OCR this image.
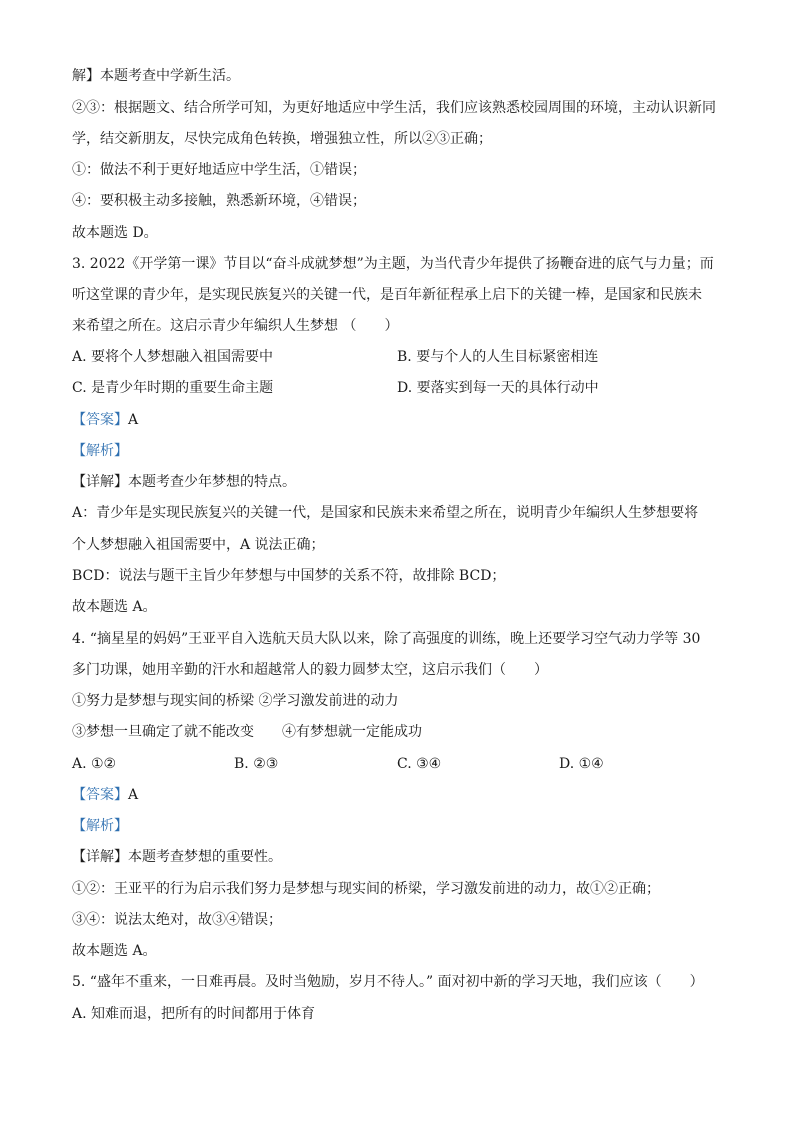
解】本题考查中学新生活。
②③：根据题文、结合所学可知，为更好地适应中学生活，我们应该熟悉校园周围的环境，主动认识新同
学，结交新朋友，尽快完成角色转换，增强独立性，所以②③正确；
①：做法不利于更好地适应中学生活，①错误；
④：要积极主动多接触，熟悉新环境，④错误；
故本题选 D。
3. 2022《开学第一课》节目以“奋斗成就梦想”为主题，为当代青少年提供了扬鞭奋进的底气与力量；而
听这堂课的青少年，是实现民族复兴的关键一代，是百年新征程承上启下的关键一棒，是国家和民族未
来希望之所在。这启示青少年编织人生梦想 （　　）
A. 要将个人梦想融入祖国需要中	B. 要与个人的人生目标紧密相连
C. 是青少年时期的重要生命主题	D. 要落实到每一天的具体行动中
【答案】A
【解析】
【详解】本题考查少年梦想的特点。
A：青少年是实现民族复兴的关键一代，是国家和民族未来希望之所在，说明青少年编织人生梦想要将
个人梦想融入祖国需要中，A 说法正确；
BCD：说法与题干主旨少年梦想与中国梦的关系不符，故排除 BCD；
故本题选 A。
4. “摘星星的妈妈”王亚平自入选航天员大队以来，除了高强度的训练，晚上还要学习空气动力学等 30
多门功课，她用辛勤的汗水和超越常人的毅力圆梦太空，这启示我们（　　）
①努力是梦想与现实间的桥梁 ②学习激发前进的动力
③梦想一旦确定了就不能改变　　④有梦想就一定能成功
A. ①②	B. ②③	C. ③④	D. ①④
【答案】A
【解析】
【详解】本题考查梦想的重要性。
①②：王亚平的行为启示我们努力是梦想与现实间的桥梁，学习激发前进的动力，故①②正确；
③④：说法太绝对，故③④错误；
故本题选 A。
5. “盛年不重来，一日难再晨。及时当勉励，岁月不待人。” 面对初中新的学习天地，我们应该（　　）
A. 知难而退，把所有的时间都用于体育
